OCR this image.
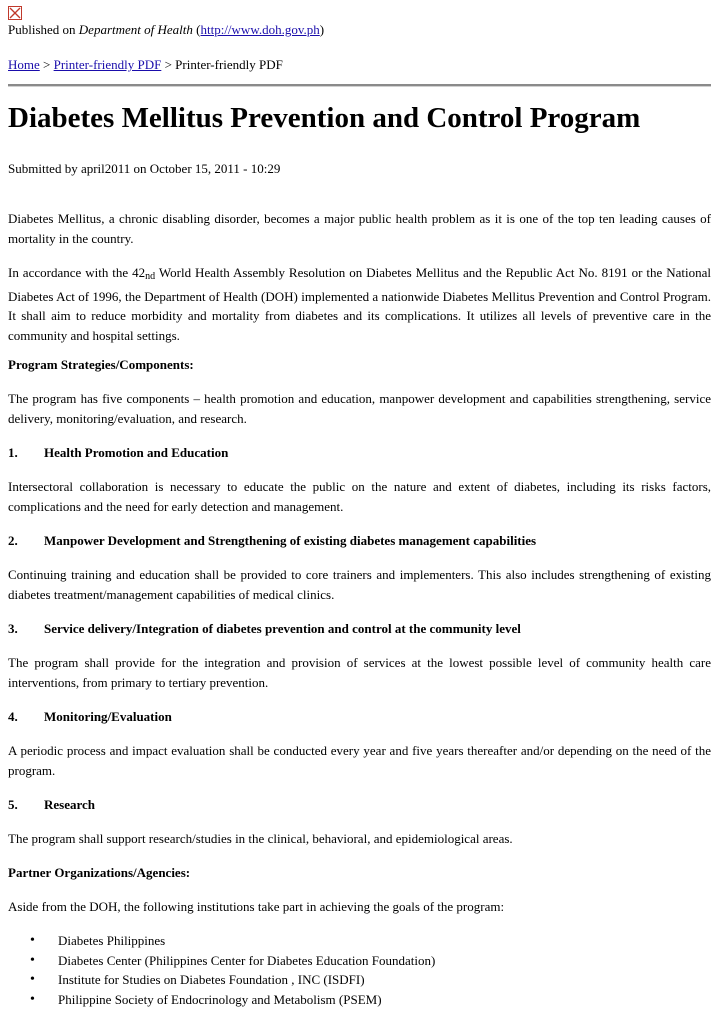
Published on Department of Health (http://www.doh.gov.ph)
Home > Printer-friendly PDF > Printer-friendly PDF
Diabetes Mellitus Prevention and Control Program
Submitted by april2011 on October 15, 2011 - 10:29

Diabetes Mellitus, a chronic disabling disorder, becomes a major public health problem as it is one of the top ten leading causes of mortality in the country.

In accordance with the $42_{nd}$ World Health Assembly Resolution on Diabetes Mellitus and the Republic Act No. 8191 or the National Diabetes Act of 1996, the Department of Health (DOH) implemented a nationwide Diabetes Mellitus Prevention and Control Program. It shall aim to reduce morbidity and mortality from diabetes and its complications. It utilizes all levels of preventive care in the community and hospital settings.

Program Strategies/Components:

The program has five components – health promotion and education, manpower development and capabilities strengthening, service delivery, monitoring/evaluation, and research.

1. Health Promotion and Education

Intersectoral collaboration is necessary to educate the public on the nature and extent of diabetes, including its risks factors, complications and the need for early detection and management.

2. Manpower Development and Strengthening of existing diabetes management capabilities

Continuing training and education shall be provided to core trainers and implementers. This also includes strengthening of existing diabetes treatment/management capabilities of medical clinics.

3. Service delivery/Integration of diabetes prevention and control at the community level

The program shall provide for the integration and provision of services at the lowest possible level of community health care interventions, from primary to tertiary prevention.

4. Monitoring/Evaluation

A periodic process and impact evaluation shall be conducted every year and five years thereafter and/or depending on the need of the program.

5. Research

The program shall support research/studies in the clinical, behavioral, and epidemiological areas.

Partner Organizations/Agencies:

Aside from the DOH, the following institutions take part in achieving the goals of the program:

• Diabetes Philippines
• Diabetes Center (Philippines Center for Diabetes Education Foundation)
• Institute for Studies on Diabetes Foundation , INC (ISDFI)
• Philippine Society of Endocrinology and Metabolism (PSEM)
